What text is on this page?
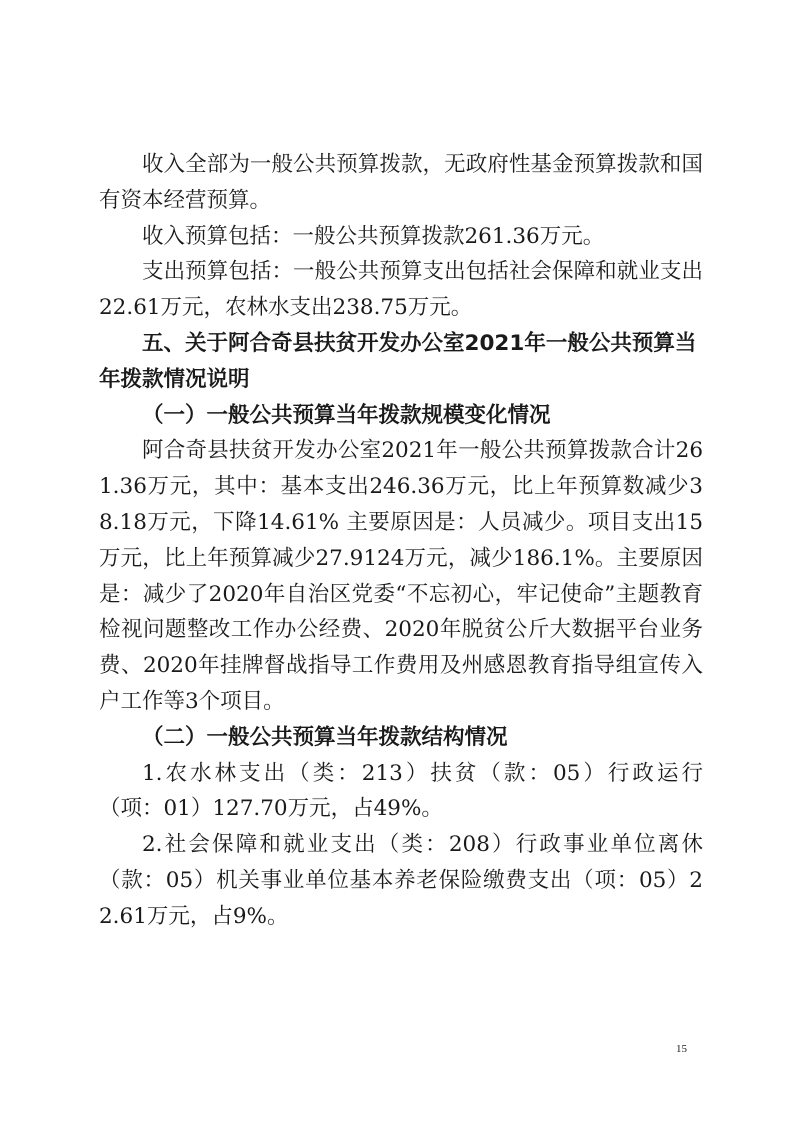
收入全部为一般公共预算拨款，无政府性基金预算拨款和国有资本经营预算。

收入预算包括：一般公共预算拨款261.36万元。

支出预算包括：一般公共预算支出包括社会保障和就业支出22.61万元，农林水支出238.75万元。

五、关于阿合奇县扶贫开发办公室2021年一般公共预算当年拨款情况说明

（一）一般公共预算当年拨款规模变化情况

阿合奇县扶贫开发办公室2021年一般公共预算拨款合计261.36万元，其中：基本支出246.36万元，比上年预算数减少38.18万元，下降14.61% 主要原因是：人员减少。项目支出15万元，比上年预算减少27.9124万元，减少186.1%。主要原因是：减少了2020年自治区党委“不忘初心，牢记使命”主题教育检视问题整改工作办公经费、2020年脱贫公斤大数据平台业务费、2020年挂牌督战指导工作费用及州感恩教育指导组宣传入户工作等3个项目。

（二）一般公共预算当年拨款结构情况

1.农水林支出（类：213）扶贫（款：05）行政运行（项：01）127.70万元，占49%。

2.社会保障和就业支出（类：208）行政事业单位离休（款：05）机关事业单位基本养老保险缴费支出（项：05）22.61万元，占9%。

15
